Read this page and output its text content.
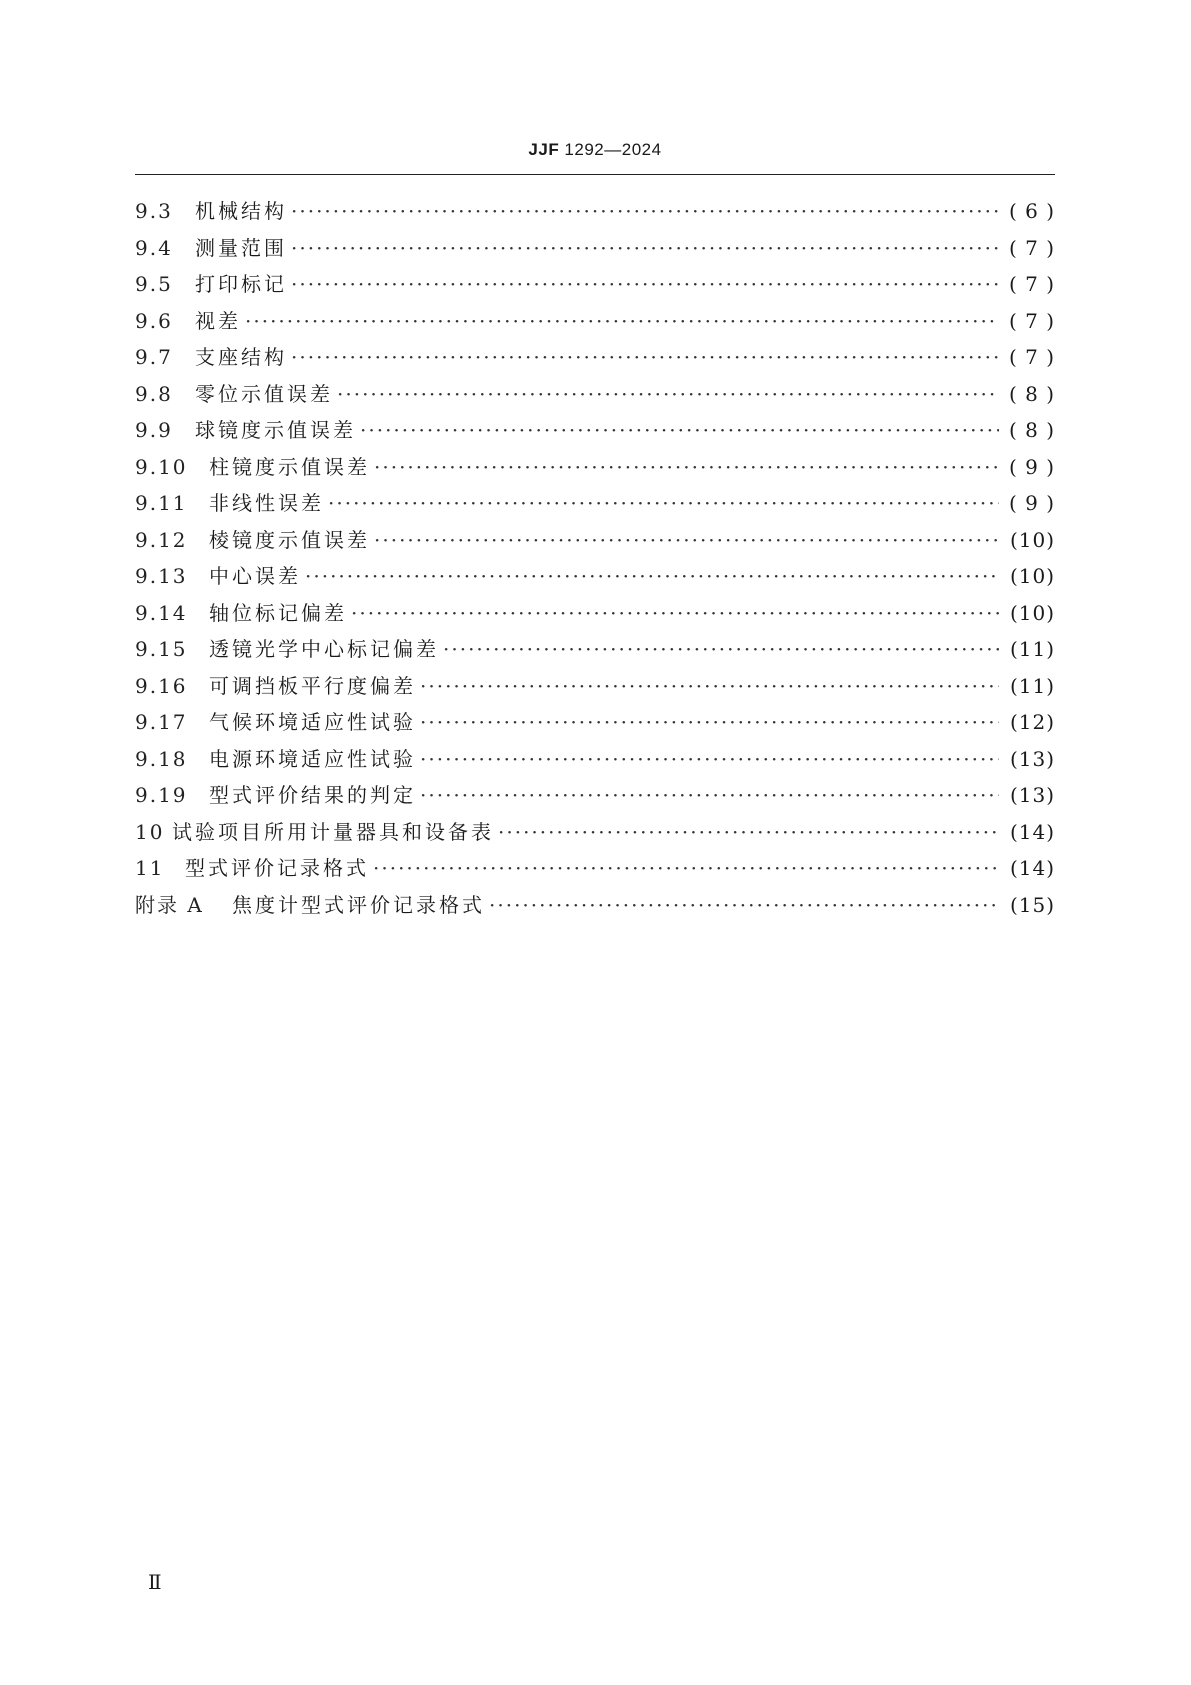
JJF 1292—2024
9.3	机械结构 ·····	( 6 )
9.4	测量范围 ·····	( 7 )
9.5	打印标记 ·····	( 7 )
9.6	视差 ·····	( 7 )
9.7	支座结构 ·····	( 7 )
9.8	零位示值误差 ·····	( 8 )
9.9	球镜度示值误差 ·····	( 8 )
9.10	柱镜度示值误差 ·····	( 9 )
9.11	非线性误差 ·····	( 9 )
9.12	棱镜度示值误差 ·····	(10)
9.13	中心误差 ·····	(10)
9.14	轴位标记偏差 ·····	(10)
9.15	透镜光学中心标记偏差 ·····	(11)
9.16	可调挡板平行度偏差 ·····	(11)
9.17	气候环境适应性试验 ·····	(12)
9.18	电源环境适应性试验 ·····	(13)
9.19	型式评价结果的判定 ·····	(13)
10 试验项目所用计量器具和设备表 ·····	(14)
11	型式评价记录格式 ·····	(14)
附录 A	焦度计型式评价记录格式 ·····	(15)
Ⅱ
